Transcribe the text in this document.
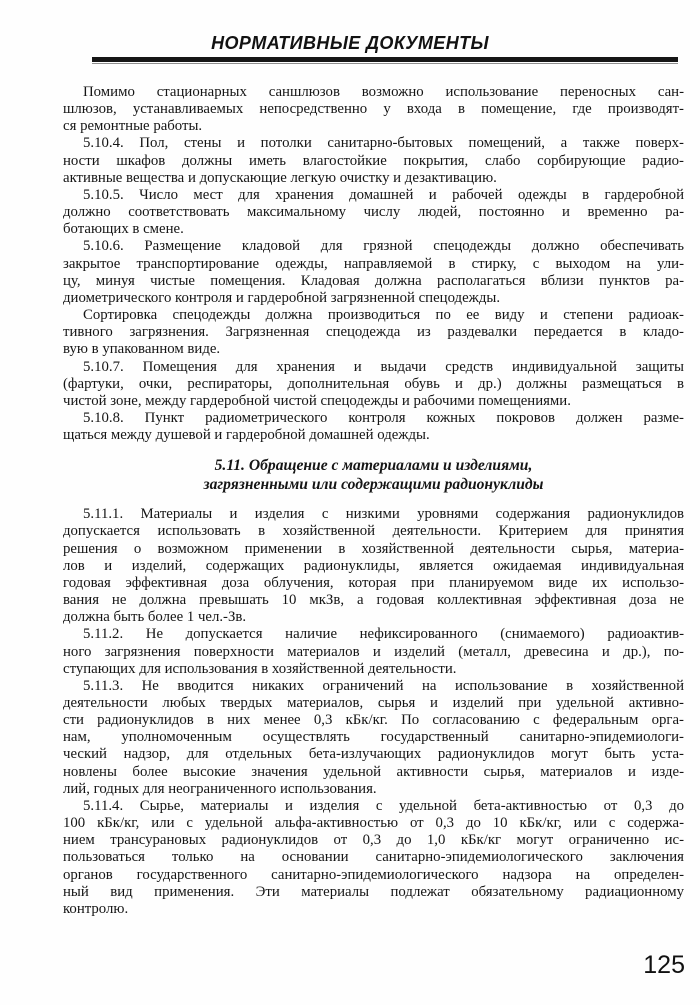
НОРМАТИВНЫЕ ДОКУМЕНТЫ
Помимо стационарных саншлюзов возможно использование переносных сан-
шлюзов, устанавливаемых непосредственно у входа в помещение, где производят-
ся ремонтные работы.
5.10.4. Пол, стены и потолки санитарно-бытовых помещений, а также поверх-
ности шкафов должны иметь влагостойкие покрытия, слабо сорбирующие радио-
активные вещества и допускающие легкую очистку и дезактивацию.
5.10.5. Число мест для хранения домашней и рабочей одежды в гардеробной
должно соответствовать максимальному числу людей, постоянно и временно ра-
ботающих в смене.
5.10.6. Размещение кладовой для грязной спецодежды должно обеспечивать
закрытое транспортирование одежды, направляемой в стирку, с выходом на ули-
цу, минуя чистые помещения. Кладовая должна располагаться вблизи пунктов ра-
диометрического контроля и гардеробной загрязненной спецодежды.
Сортировка спецодежды должна производиться по ее виду и степени радиоак-
тивного загрязнения. Загрязненная спецодежда из раздевалки передается в кладо-
вую в упакованном виде.
5.10.7. Помещения для хранения и выдачи средств индивидуальной защиты
(фартуки, очки, респираторы, дополнительная обувь и др.) должны размещаться в
чистой зоне, между гардеробной чистой спецодежды и рабочими помещениями.
5.10.8. Пункт радиометрического контроля кожных покровов должен разме-
щаться между душевой и гардеробной домашней одежды.
5.11. Обращение с материалами и изделиями,
загрязненными или содержащими радионуклиды
5.11.1. Материалы и изделия с низкими уровнями содержания радионуклидов
допускается использовать в хозяйственной деятельности. Критерием для принятия
решения о возможном применении в хозяйственной деятельности сырья, материа-
лов и изделий, содержащих радионуклиды, является ожидаемая индивидуальная
годовая эффективная доза облучения, которая при планируемом виде их использо-
вания не должна превышать 10 мкЗв, а годовая коллективная эффективная доза не
должна быть более 1 чел.-Зв.
5.11.2. Не допускается наличие нефиксированного (снимаемого) радиоактив-
ного загрязнения поверхности материалов и изделий (металл, древесина и др.), по-
ступающих для использования в хозяйственной деятельности.
5.11.3. Не вводится никаких ограничений на использование в хозяйственной
деятельности любых твердых материалов, сырья и изделий при удельной активно-
сти радионуклидов в них менее 0,3 кБк/кг. По согласованию с федеральным орга-
нам, уполномоченным осуществлять государственный санитарно-эпидемиологи-
ческий надзор, для отдельных бета-излучающих радионуклидов могут быть уста-
новлены более высокие значения удельной активности сырья, материалов и изде-
лий, годных для неограниченного использования.
5.11.4. Сырье, материалы и изделия с удельной бета-активностью от 0,3 до
100 кБк/кг, или с удельной альфа-активностью от 0,3 до 10 кБк/кг, или с содержа-
нием трансурановых радионуклидов от 0,3 до 1,0 кБк/кг могут ограниченно ис-
пользоваться только на основании санитарно-эпидемиологического заключения
органов государственного санитарно-эпидемиологического надзора на определен-
ный вид применения. Эти материалы подлежат обязательному радиационному
контролю.
125
